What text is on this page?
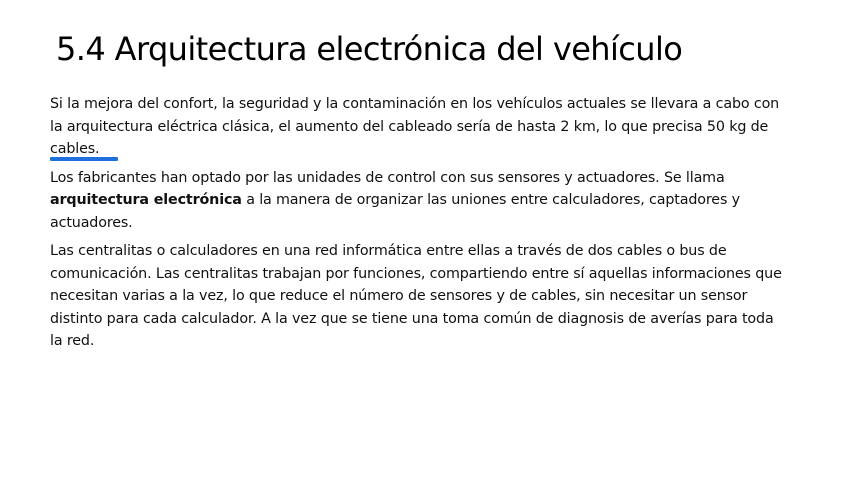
5.4 Arquitectura electrónica del vehículo

Si la mejora del confort, la seguridad y la contaminación en los vehículos actuales se llevara a cabo con la arquitectura eléctrica clásica, el aumento del cableado sería de hasta 2 km, lo que precisa 50 kg de cables.

Los fabricantes han optado por las unidades de control con sus sensores y actuadores. Se llama arquitectura electrónica a la manera de organizar las uniones entre calculadores, captadores y actuadores.

Las centralitas o calculadores en una red informática entre ellas a través de dos cables o bus de comunicación. Las centralitas trabajan por funciones, compartiendo entre sí aquellas informaciones que necesitan varias a la vez, lo que reduce el número de sensores y de cables, sin necesitar un sensor distinto para cada calculador. A la vez que se tiene una toma común de diagnosis de averías para toda la red.
